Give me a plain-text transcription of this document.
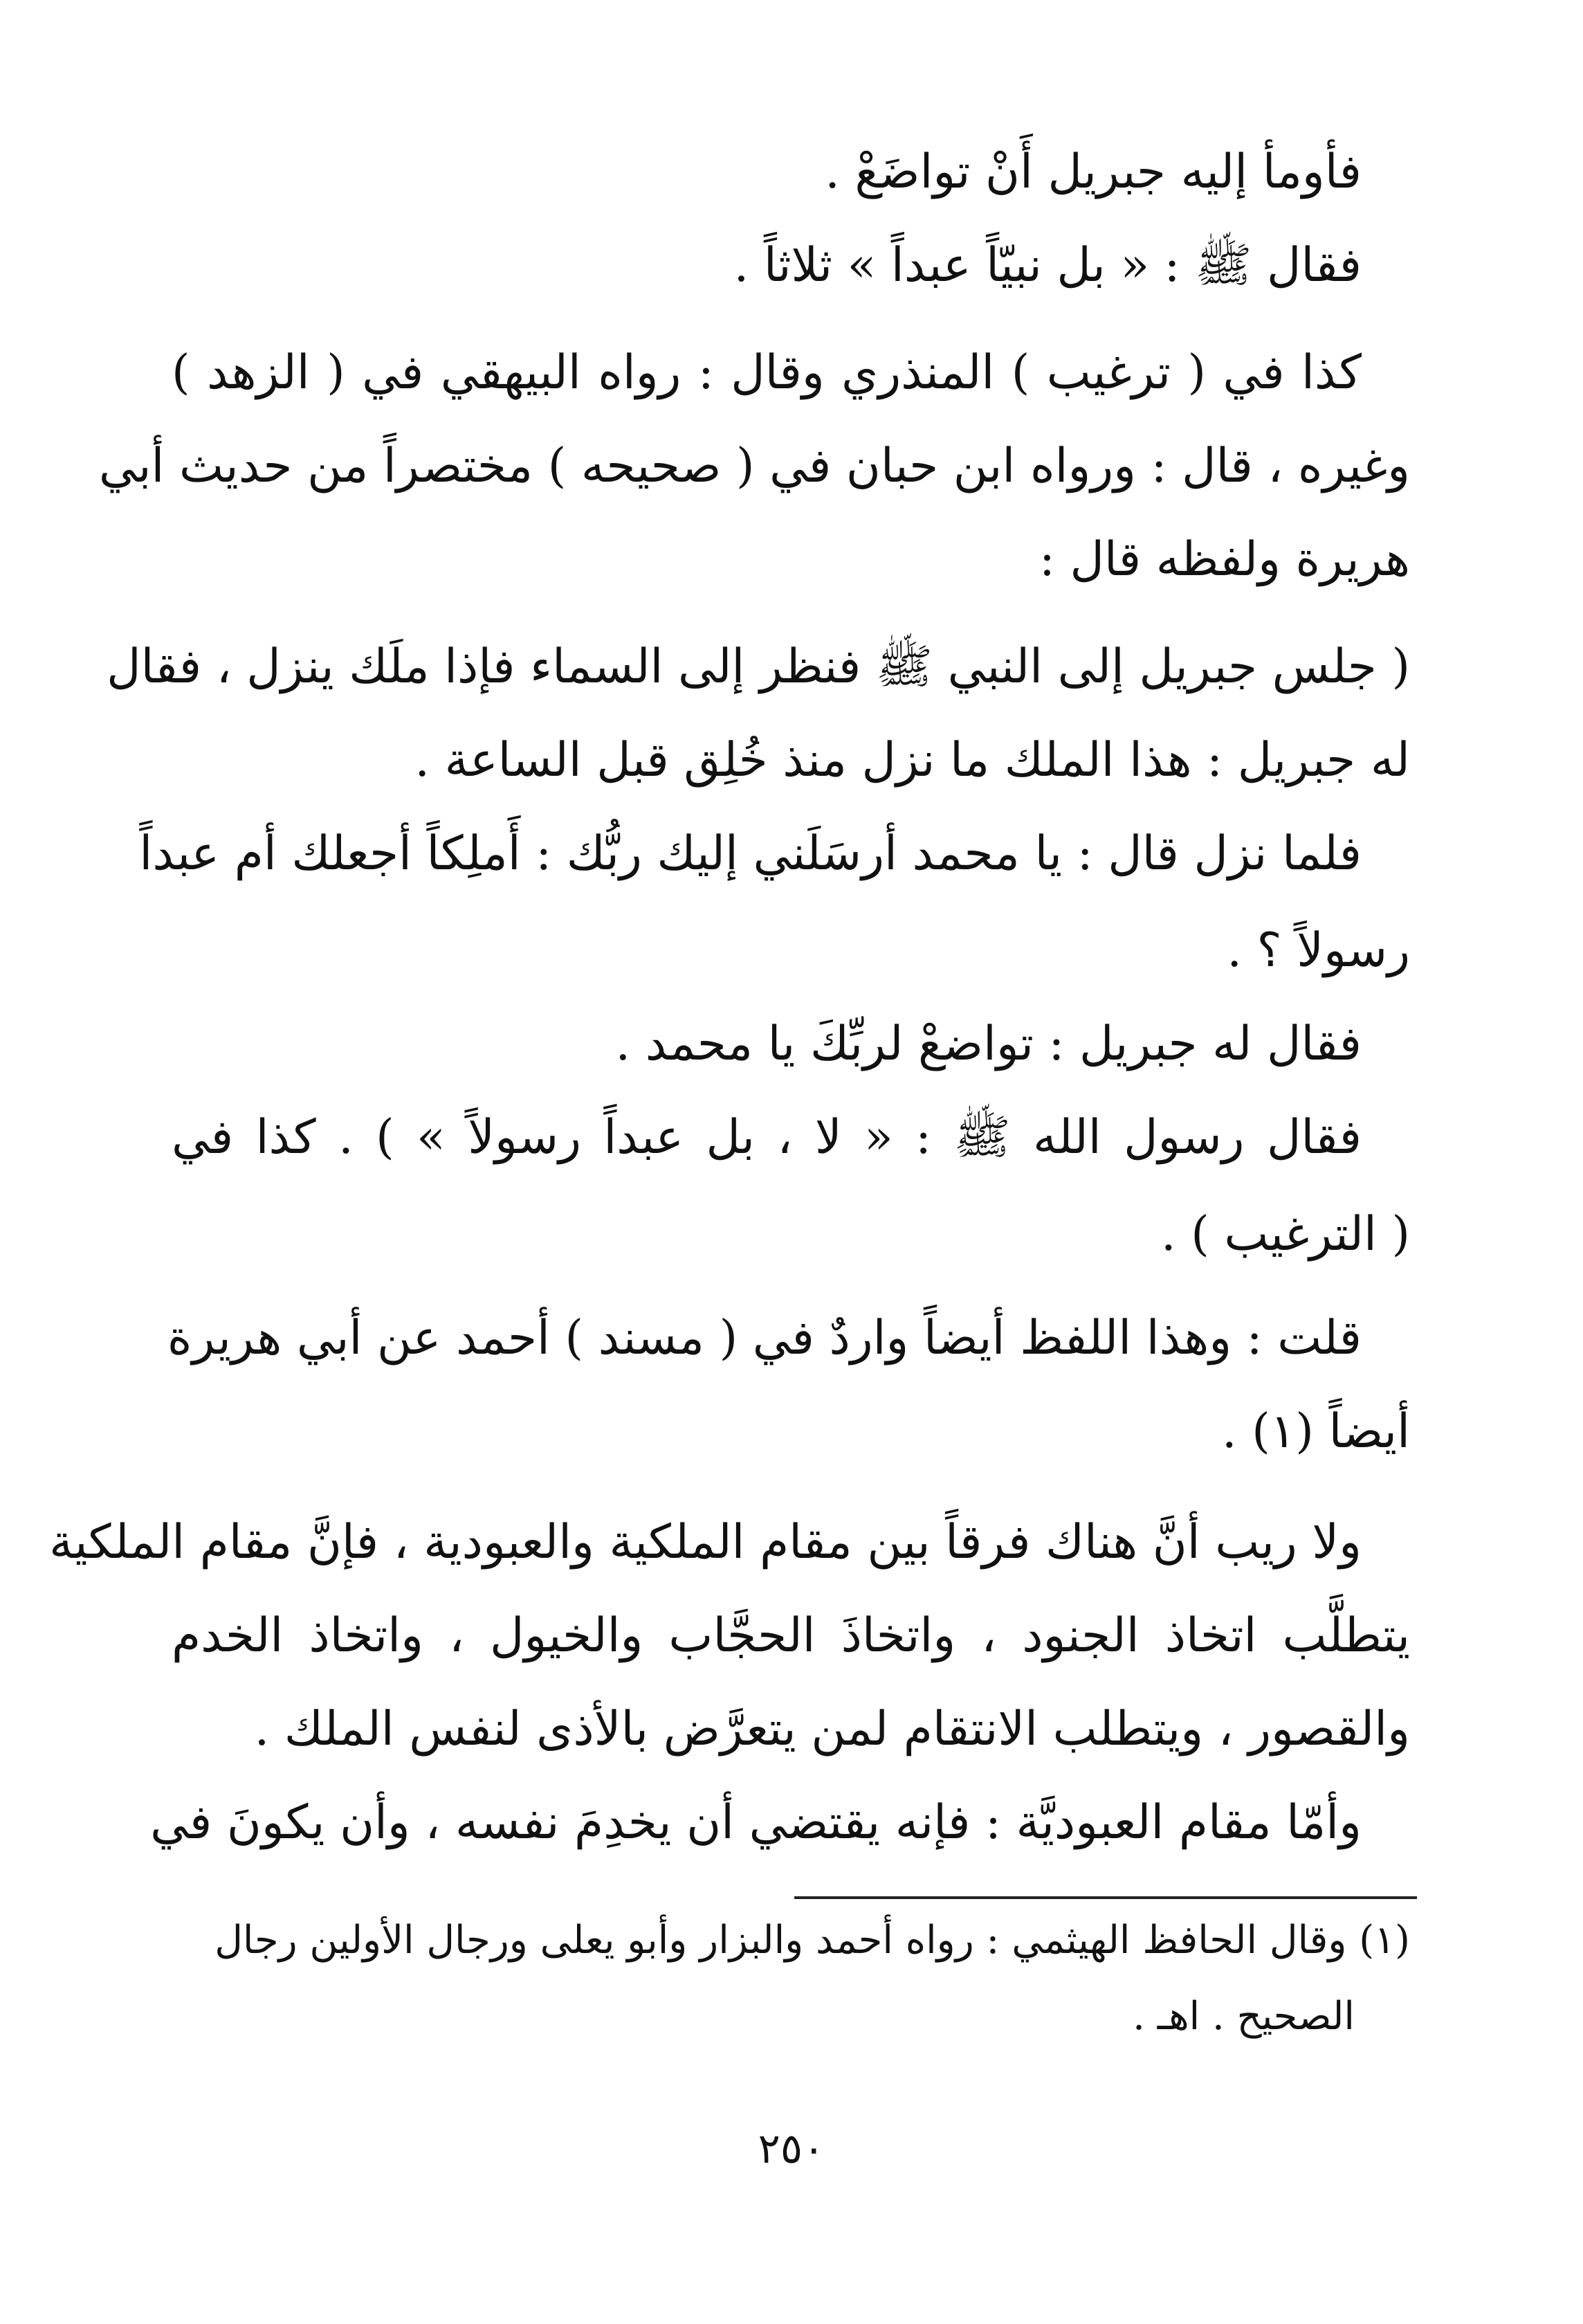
فأومأ إليه جبريل أَنْ تواضَعْ .
فقال ﷺ : « بل نبيّاً عبداً » ثلاثاً .
كذا في ( ترغيب ) المنذري وقال : رواه البيهقي في ( الزهد )
وغيره ، قال : ورواه ابن حبان في ( صحيحه ) مختصراً من حديث أبي
هريرة ولفظه قال :
( جلس جبريل إلى النبي ﷺ فنظر إلى السماء فإذا ملَك ينزل ، فقال
له جبريل : هذا الملك ما نزل منذ خُلِق قبل الساعة .
فلما نزل قال : يا محمد أرسَلَني إليك ربُّك : أَملِكاً أجعلك أم عبداً
رسولاً ؟ .
فقال له جبريل : تواضعْ لربِّكَ يا محمد .
فقال رسول الله ﷺ : « لا ، بل عبداً رسولاً » ) . كذا في
( الترغيب ) .
قلت : وهذا اللفظ أيضاً واردٌ في ( مسند ) أحمد عن أبي هريرة
أيضاً (١) .
ولا ريب أنَّ هناك فرقاً بين مقام الملكية والعبودية ، فإنَّ مقام الملكية
يتطلَّب اتخاذ الجنود ، واتخاذَ الحجَّاب والخيول ، واتخاذ الخدم
والقصور ، ويتطلب الانتقام لمن يتعرَّض بالأذى لنفس الملك .
وأمّا مقام العبوديَّة : فإنه يقتضي أن يخدِمَ نفسه ، وأن يكونَ في
(١) وقال الحافظ الهيثمي : رواه أحمد والبزار وأبو يعلى ورجال الأولين رجال
الصحيح . اهـ .
٢٥٠
